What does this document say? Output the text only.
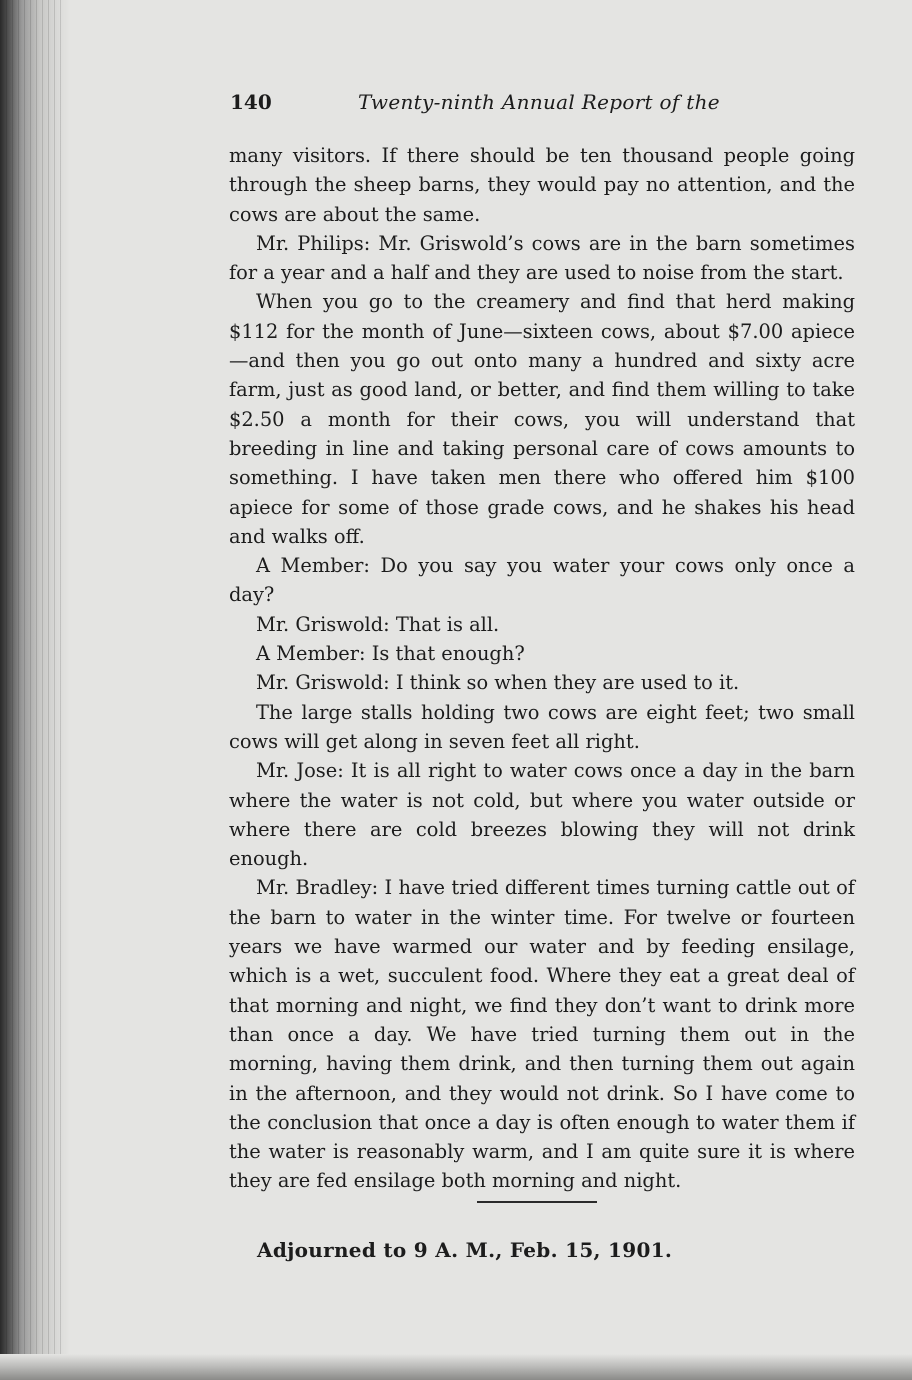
140	Twenty-ninth Annual Report of the

many visitors. If there should be ten thousand people going through the sheep barns, they would pay no attention, and the cows are about the same.

Mr. Philips: Mr. Griswold’s cows are in the barn sometimes for a year and a half and they are used to noise from the start.

When you go to the creamery and find that herd making $112 for the month of June—sixteen cows, about $7.00 apiece—and then you go out onto many a hundred and sixty acre farm, just as good land, or better, and find them willing to take $2.50 a month for their cows, you will understand that breeding in line and taking personal care of cows amounts to something. I have taken men there who offered him $100 apiece for some of those grade cows, and he shakes his head and walks off.

A Member: Do you say you water your cows only once a day?

Mr. Griswold: That is all.

A Member: Is that enough?

Mr. Griswold: I think so when they are used to it.

The large stalls holding two cows are eight feet; two small cows will get along in seven feet all right.

Mr. Jose: It is all right to water cows once a day in the barn where the water is not cold, but where you water outside or where there are cold breezes blowing they will not drink enough.

Mr. Bradley: I have tried different times turning cattle out of the barn to water in the winter time. For twelve or fourteen years we have warmed our water and by feeding ensilage, which is a wet, succulent food. Where they eat a great deal of that morning and night, we find they don’t want to drink more than once a day. We have tried turning them out in the morning, having them drink, and then turning them out again in the afternoon, and they would not drink. So I have come to the conclusion that once a day is often enough to water them if the water is reasonably warm, and I am quite sure it is where they are fed ensilage both morning and night.

Adjourned to 9 A. M., Feb. 15, 1901.
